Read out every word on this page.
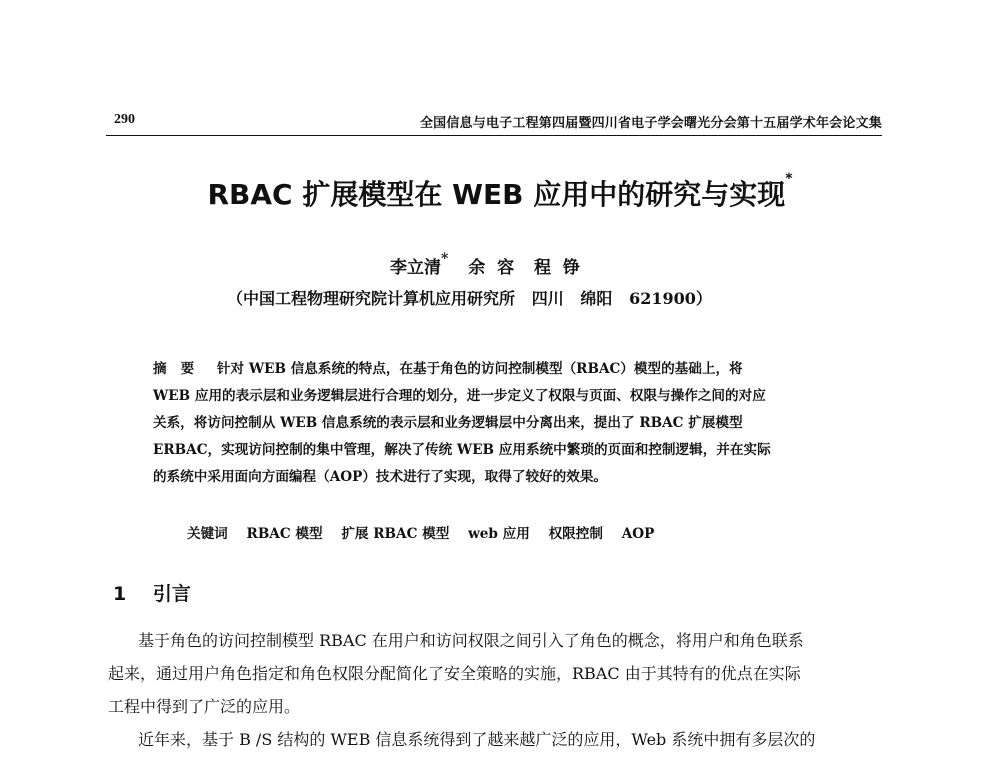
290	全国信息与电子工程第四届暨四川省电子学会曙光分会第十五届学术年会论文集
RBAC 扩展模型在 WEB 应用中的研究与实现*
李立清* 余  容 程  铮
（中国工程物理研究院计算机应用研究所   四川   绵阳   621900）
摘要 针对 WEB 信息系统的特点，在基于角色的访问控制模型（RBAC）模型的基础上，将
WEB 应用的表示层和业务逻辑层进行合理的划分，进一步定义了权限与页面、权限与操作之间的对应
关系，将访问控制从 WEB 信息系统的表示层和业务逻辑层中分离出来，提出了 RBAC 扩展模型
ERBAC，实现访问控制的集中管理，解决了传统 WEB 应用系统中繁琐的页面和控制逻辑，并在实际
的系统中采用面向方面编程（AOP）技术进行了实现，取得了较好的效果。
关键词 RBAC 模型 扩展 RBAC 模型 web 应用 权限控制 AOP
1 引言
基于角色的访问控制模型 RBAC 在用户和访问权限之间引入了角色的概念，将用户和角色联系
起来，通过用户角色指定和角色权限分配简化了安全策略的实施，RBAC 由于其特有的优点在实际
工程中得到了广泛的应用。
近年来，基于 B /S 结构的 WEB 信息系统得到了越来越广泛的应用，Web 系统中拥有多层次的
